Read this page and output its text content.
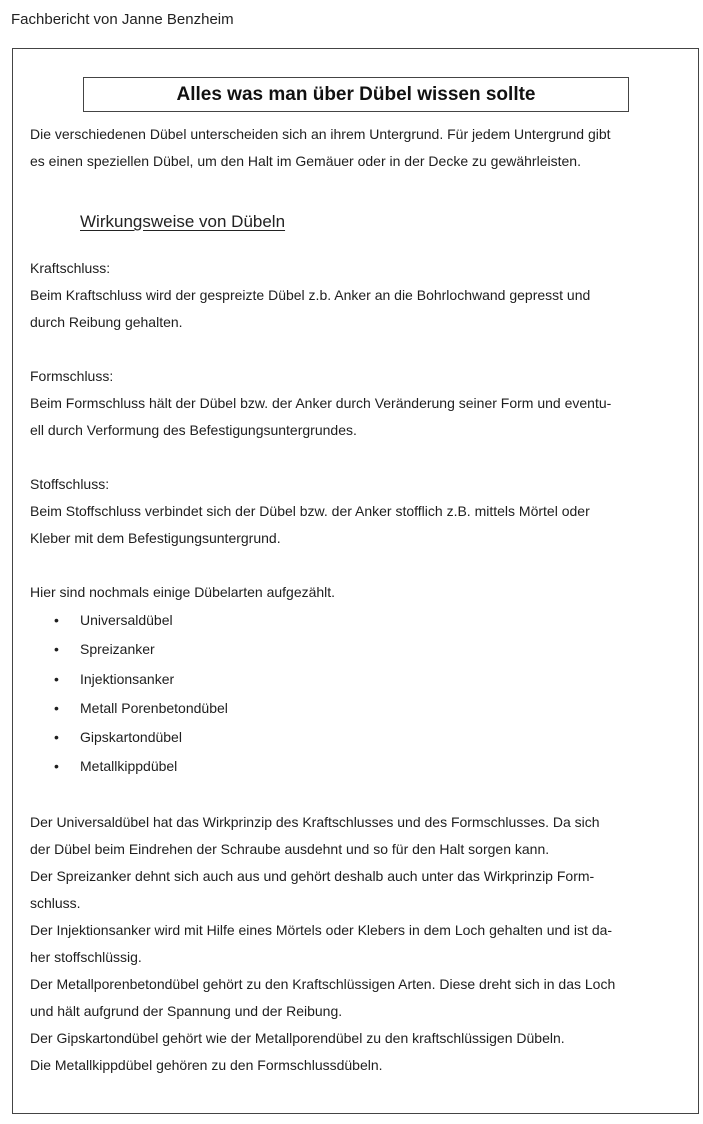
Fachbericht von Janne Benzheim
Alles was man über Dübel wissen sollte

Die verschiedenen Dübel unterscheiden sich an ihrem Untergrund. Für jedem Untergrund gibt

es einen speziellen Dübel, um den Halt im Gemäuer oder in der Decke zu gewährleisten.

Wirkungsweise von Dübeln

Kraftschluss:

Beim Kraftschluss wird der gespreizte Dübel z.b. Anker an die Bohrlochwand gepresst und

durch Reibung gehalten.

Formschluss:

Beim Formschluss hält der Dübel bzw. der Anker durch Veränderung seiner Form und eventu-

ell durch Verformung des Befestigungsuntergrundes.

Stoffschluss:

Beim Stoffschluss verbindet sich der Dübel bzw. der Anker stofflich z.B. mittels Mörtel oder

Kleber mit dem Befestigungsuntergrund.

Hier sind nochmals einige Dübelarten aufgezählt.

• Universaldübel
• Spreizanker
• Injektionsanker
• Metall Porenbetondübel
• Gipskartondübel
• Metallkippdübel

Der Universaldübel hat das Wirkprinzip des Kraftschlusses und des Formschlusses. Da sich

der Dübel beim Eindrehen der Schraube ausdehnt und so für den Halt sorgen kann.

Der Spreizanker dehnt sich auch aus und gehört deshalb auch unter das Wirkprinzip Form-

schluss.

Der Injektionsanker wird mit Hilfe eines Mörtels oder Klebers in dem Loch gehalten und ist da-

her stoffschlüssig.

Der Metallporenbetondübel gehört zu den Kraftschlüssigen Arten. Diese dreht sich in das Loch

und hält aufgrund der Spannung und der Reibung.

Der Gipskartondübel gehört wie der Metallporendübel zu den kraftschlüssigen Dübeln.

Die Metallkippdübel gehören zu den Formschlussdübeln.
